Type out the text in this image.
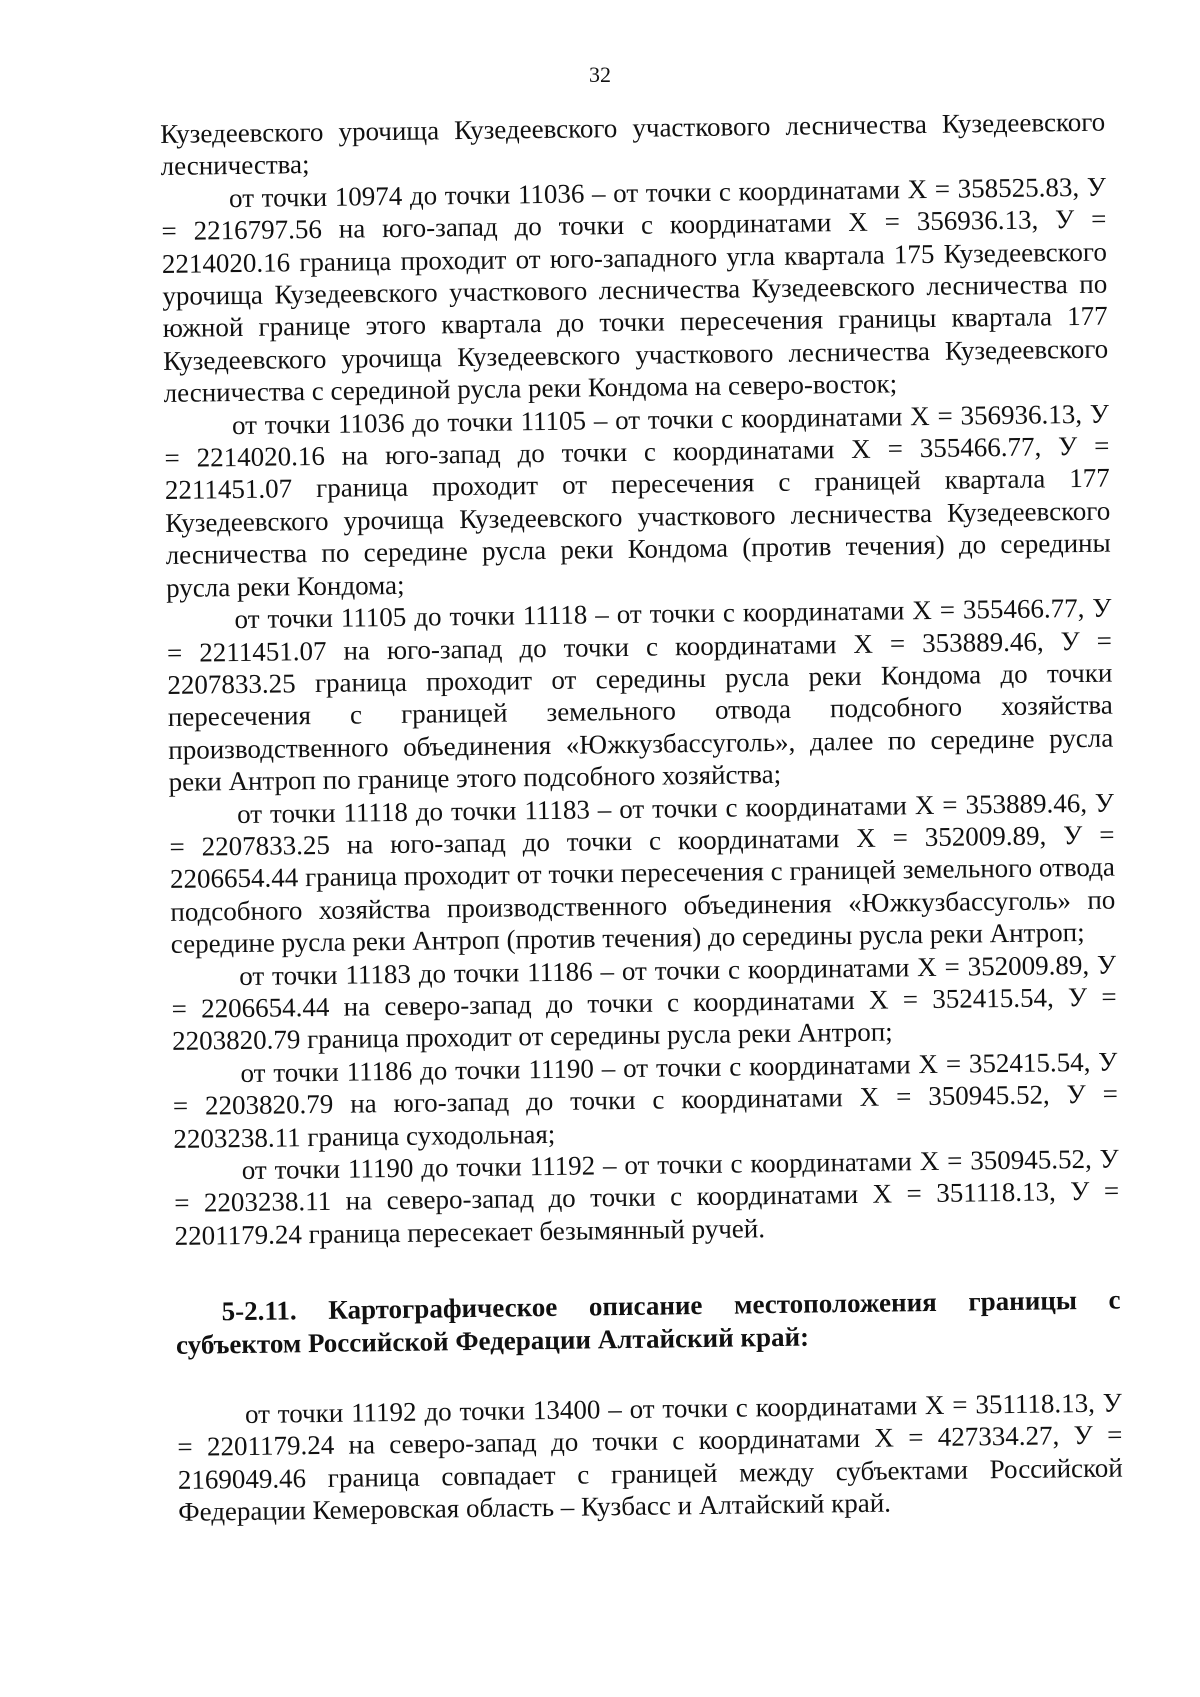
32

Кузедеевского урочища Кузедеевского участкового лесничества Кузедеевского лесничества;

от точки 10974 до точки 11036 – от точки с координатами Х = 358525.83, У = 2216797.56 на юго-запад до точки с координатами Х = 356936.13, У = 2214020.16 граница проходит от юго-западного угла квартала 175 Кузедеевского урочища Кузедеевского участкового лесничества Кузедеевского лесничества по южной границе этого квартала до точки пересечения границы квартала 177 Кузедеевского урочища Кузедеевского участкового лесничества Кузедеевского лесничества с серединой русла реки Кондома на северо-восток;

от точки 11036 до точки 11105 – от точки с координатами Х = 356936.13, У = 2214020.16 на юго-запад до точки с координатами Х = 355466.77, У = 2211451.07 граница проходит от пересечения с границей квартала 177 Кузедеевского урочища Кузедеевского участкового лесничества Кузедеевского лесничества по середине русла реки Кондома (против течения) до середины русла реки Кондома;

от точки 11105 до точки 11118 – от точки с координатами Х = 355466.77, У = 2211451.07 на юго-запад до точки с координатами Х = 353889.46, У = 2207833.25 граница проходит от середины русла реки Кондома до точки пересечения с границей земельного отвода подсобного хозяйства производственного объединения «Южкузбассуголь», далее по середине русла реки Антроп по границе этого подсобного хозяйства;

от точки 11118 до точки 11183 – от точки с координатами Х = 353889.46, У = 2207833.25 на юго-запад до точки с координатами Х = 352009.89, У = 2206654.44 граница проходит от точки пересечения с границей земельного отвода подсобного хозяйства производственного объединения «Южкузбассуголь» по середине русла реки Антроп (против течения) до середины русла реки Антроп;

от точки 11183 до точки 11186 – от точки с координатами Х = 352009.89, У = 2206654.44 на северо-запад до точки с координатами Х = 352415.54, У = 2203820.79 граница проходит от середины русла реки Антроп;

от точки 11186 до точки 11190 – от точки с координатами Х = 352415.54, У = 2203820.79 на юго-запад до точки с координатами Х = 350945.52, У = 2203238.11 граница суходольная;

от точки 11190 до точки 11192 – от точки с координатами Х = 350945.52, У = 2203238.11 на северо-запад до точки с координатами Х = 351118.13, У = 2201179.24 граница пересекает безымянный ручей.

5-2.11. Картографическое описание местоположения границы с субъектом Российской Федерации Алтайский край:

от точки 11192 до точки 13400 – от точки с координатами Х = 351118.13, У = 2201179.24 на северо-запад до точки с координатами Х = 427334.27, У = 2169049.46 граница совпадает с границей между субъектами Российской Федерации Кемеровская область – Кузбасс и Алтайский край.
